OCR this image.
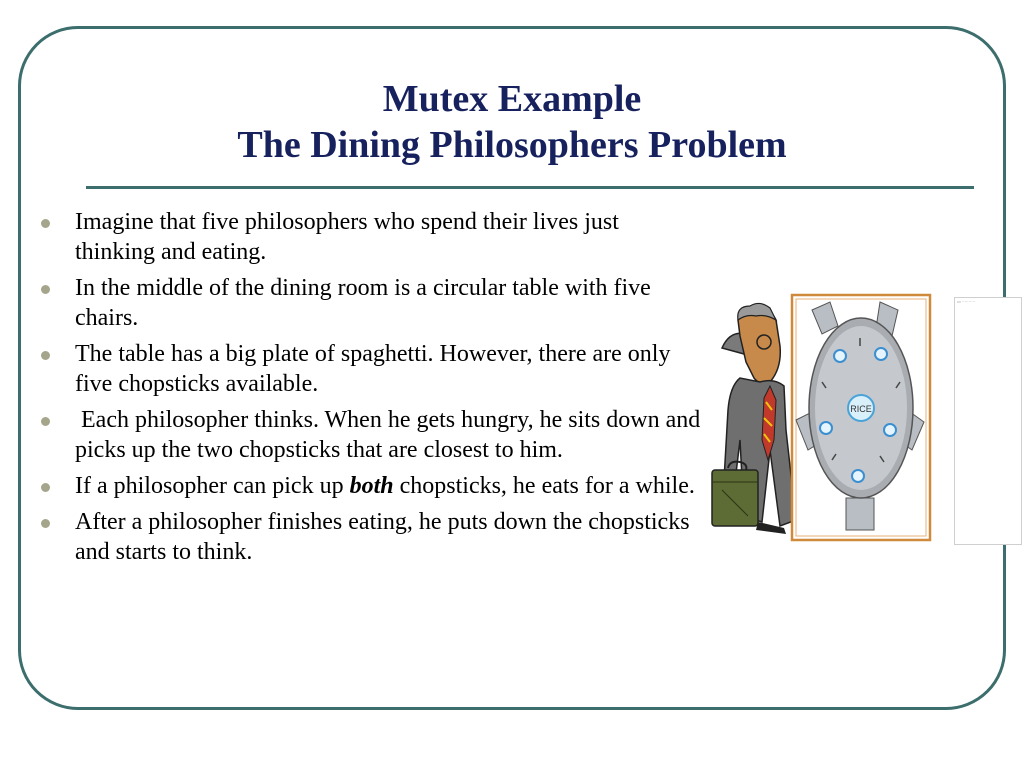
Mutex Example
The Dining Philosophers Problem
Imagine that five philosophers who spend their lives just thinking and eating.
In the middle of the dining room is a circular table with five chairs.
The table has a big plate of spaghetti. However, there are only five chopsticks available.
Each philosopher thinks. When he gets hungry, he sits down and picks up the two chopsticks that are closest to him.
If a philosopher can pick up both chopsticks, he eats for a while.
After a philosopher finishes eating, he puts down the chopsticks and starts to think.
RICE
▭ ··········
